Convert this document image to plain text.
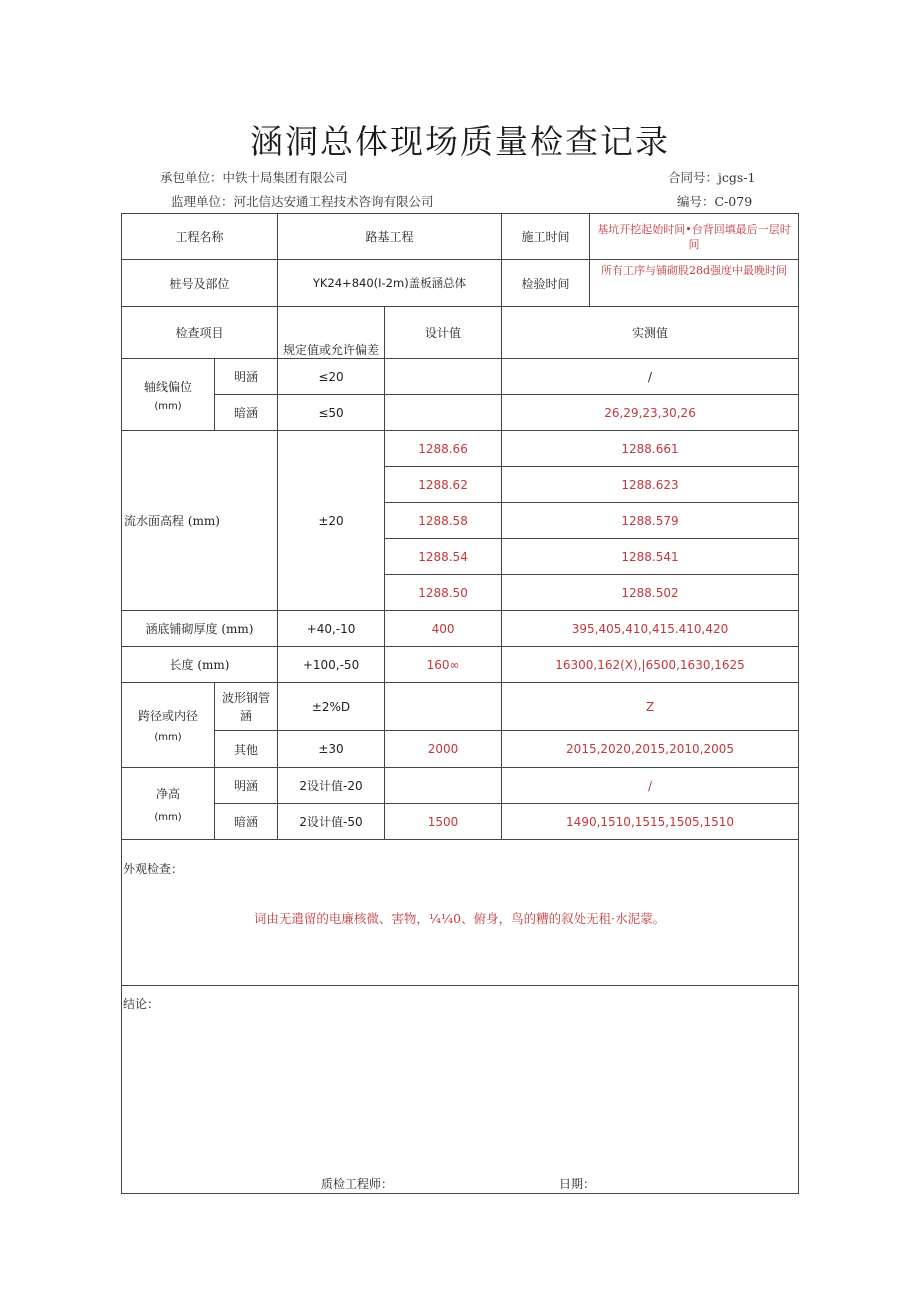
涵洞总体现场质量检查记录
承包单位：中铁十局集团有限公司	合同号：jcgs-1
监理单位：河北信达安通工程技术咨询有限公司	编号：C-079
工程名称		路基工程		施工时间	基坑开挖起始时间•台背回填最后一层时间
桩号及部位		YK24+840(I-2m)盖板涵总体		检验时间	所有工序与铺砌股28d强度中最晚时间
检查项目		规定值或允许偏差	设计值	实测值	

轴线偏位
(mm)	明涵	≤20		/	
	暗涵	≤50		26,29,23,30,26	
流水面高程 (mm)		±20	1288.66	1288.661	
			1288.62	1288.623	
			1288.58	1288.579	
			1288.54	1288.541	
			1288.50	1288.502	
涵底铺砌厚度 (mm)		+40,-10	400	395,405,410,415.410,420	
长度 (mm)		+100,-50	160∞	16300,162(X),|6500,1630,1625	

跨径或内径
(mm)	波形钢管涵	±2%D		Z	
	其他	±30	2000	2015,2020,2015,2010,2005	

净高
(mm)	明涵	2设计值-20		/	
	暗涵	2设计值-50	1500	1490,1510,1515,1505,1510	

外观检查：
词由无遣留的电廉核微、害物，¼¼0、俯身，鸟的糟的叙处无租·水泥蒙。					

结论：
质检工程师： 日期：					
